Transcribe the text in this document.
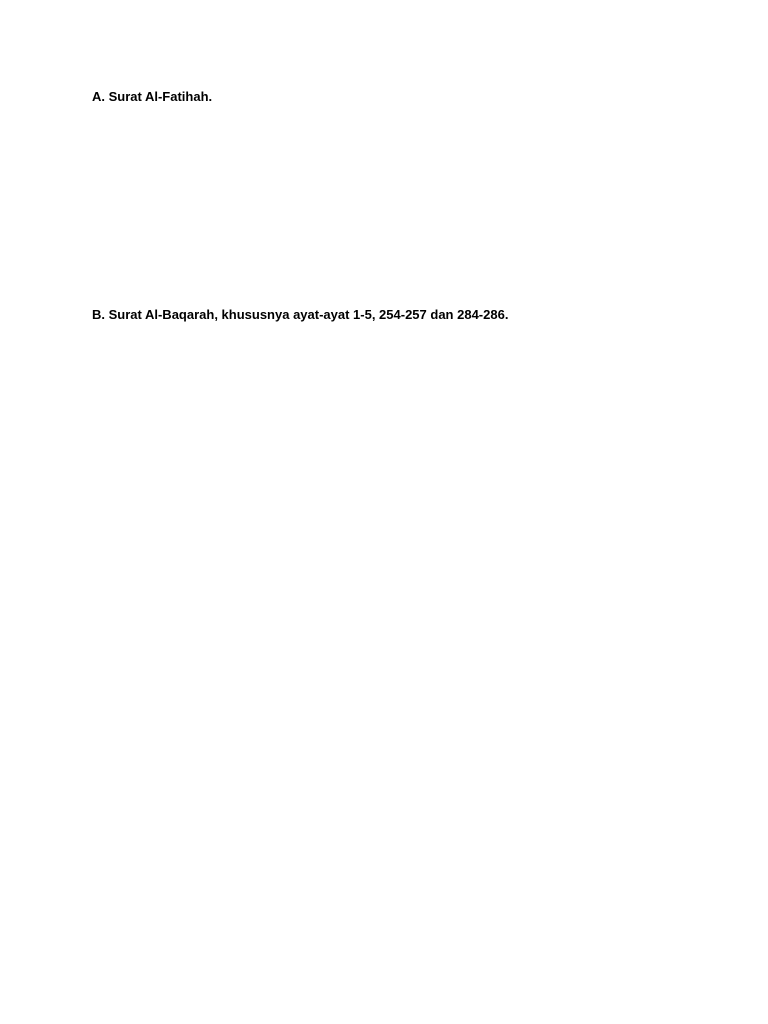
A. Surat Al-Fatihah.

B. Surat Al-Baqarah, khususnya ayat-ayat 1-5, 254-257 dan 284-286.
